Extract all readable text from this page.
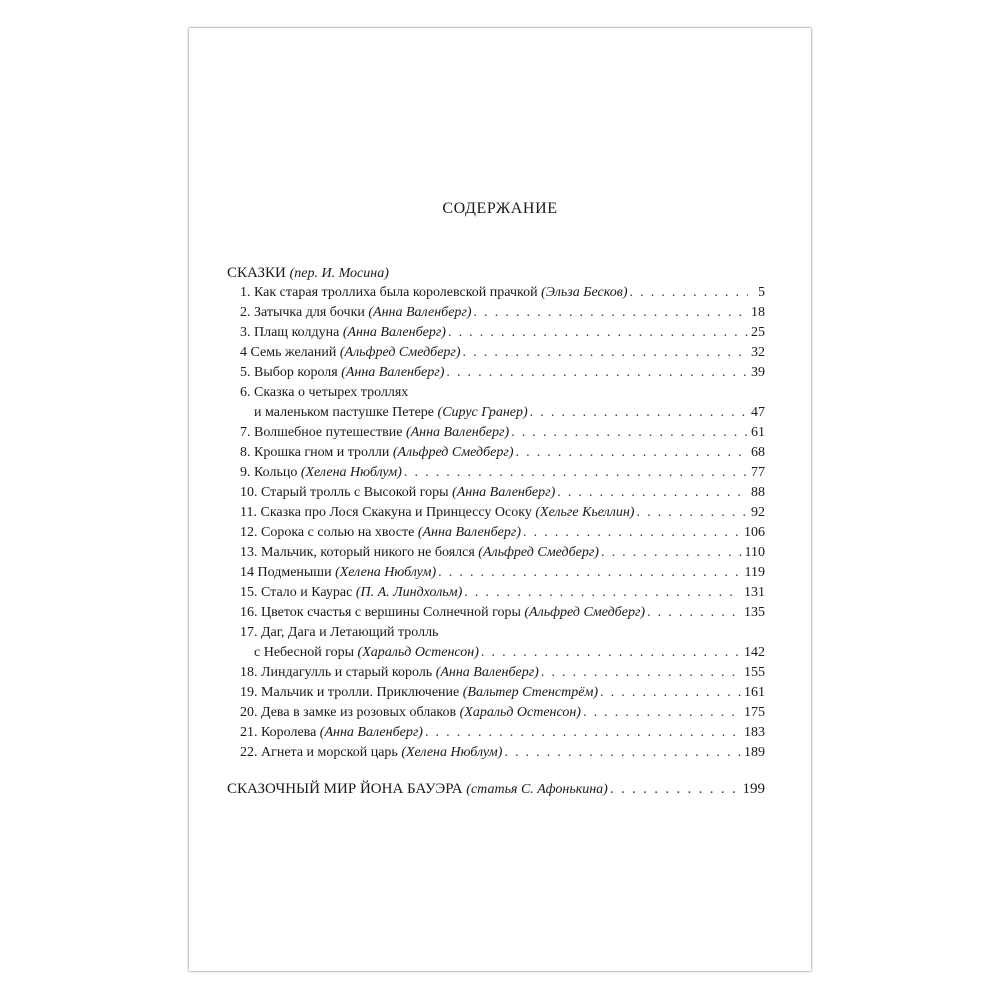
СОДЕРЖАНИЕ
СКАЗКИ (пер. И. Мосина)
1. Как старая троллиха была королевской прачкой (Эльза Бесков) . . .	5
2. Затычка для бочки (Анна Валенберг) . . .	18
3. Плащ колдуна (Анна Валенберг) . . .	25
4 Семь желаний (Альфред Смедберг) . . .	32
5. Выбор короля (Анна Валенберг) . . .	39
6. Сказка о четырех троллях
и маленьком пастушке Петере (Сирус Гранер) . . .	47
7. Волшебное путешествие (Анна Валенберг) . . .	61
8. Крошка гном и тролли (Альфред Смедберг) . . .	68
9. Кольцо (Хелена Нюблум) . . .	77
10. Старый тролль с Высокой горы (Анна Валенберг) . . .	88
11. Сказка про Лося Скакуна и Принцессу Осоку (Хельге Кьеллин) . . .	92
12. Сорока с солью на хвосте (Анна Валенберг) . . .	106
13. Мальчик, который никого не боялся (Альфред Смедберг) . . .	110
14 Подменыши (Хелена Нюблум) . . .	119
15. Стало и Каурас (П. А. Линдхольм) . . .	131
16. Цветок счастья с вершины Солнечной горы (Альфред Смедберг) . . .	135
17. Даг, Дага и Летающий тролль
с Небесной горы (Харальд Остенсон) . . .	142
18. Линдагулль и старый король (Анна Валенберг) . . .	155
19. Мальчик и тролли. Приключение (Вальтер Стенстрём) . . .	161
20. Дева в замке из розовых облаков (Харальд Остенсон) . . .	175
21. Королева (Анна Валенберг) . . .	183
22. Агнета и морской царь (Хелена Нюблум) . . .	189
СКАЗОЧНЫЙ МИР ЙОНА БАУЭРА (статья С. Афонькина) . . .	199
